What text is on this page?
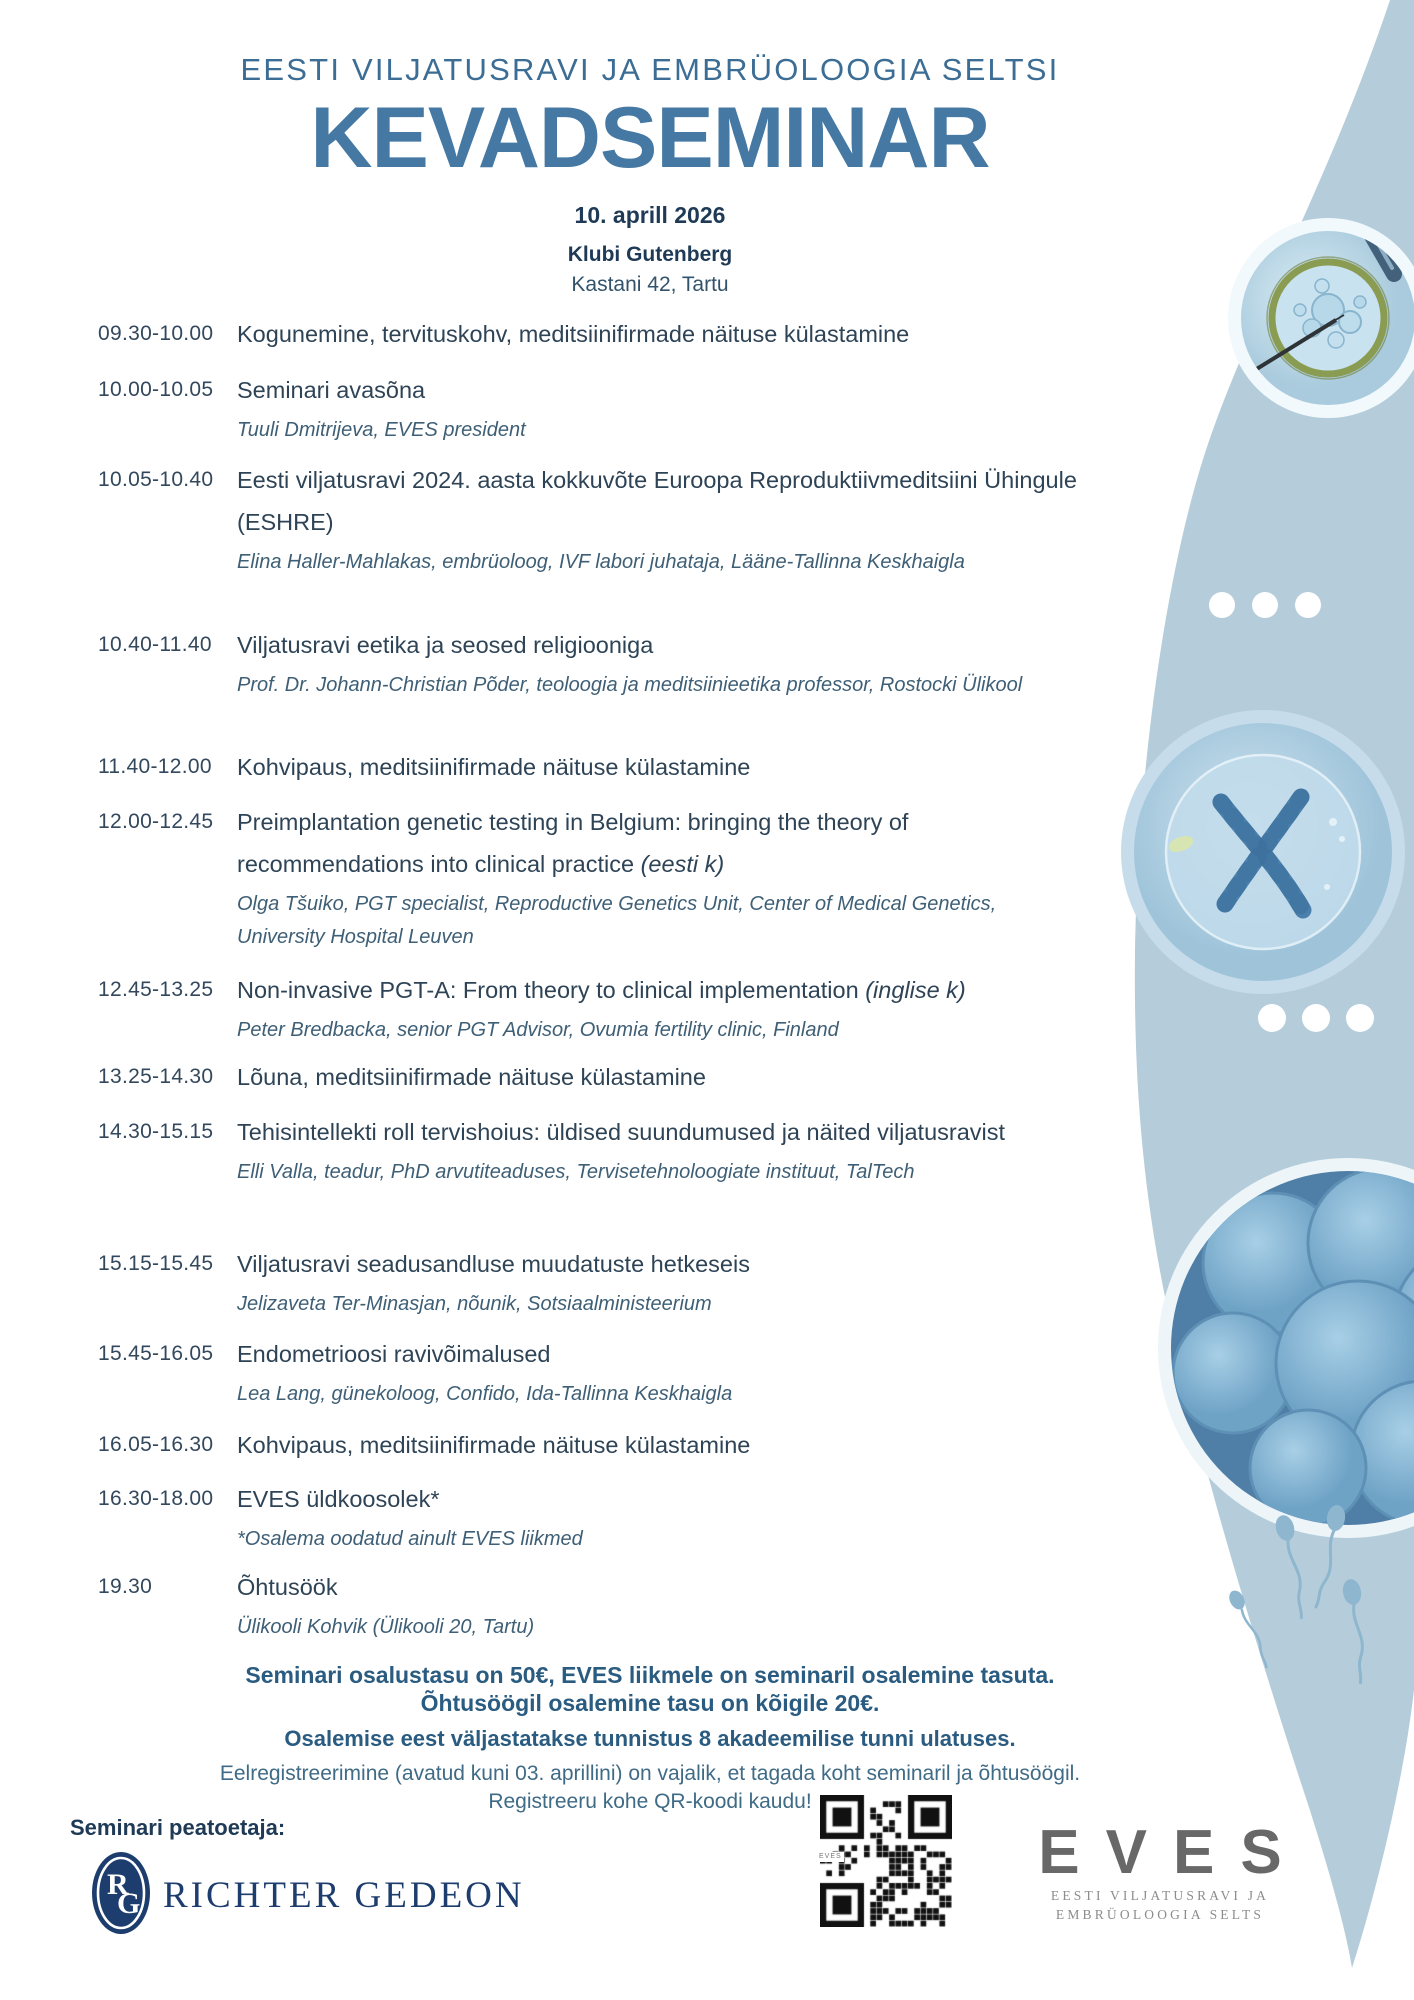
EESTI VILJATUSRAVI JA EMBRÜOLOOGIA SELTSI
KEVADSEMINAR
10. aprill 2026
Klubi Gutenberg
Kastani 42, Tartu
09.30-10.00 Kogunemine, tervituskohv, meditsiinifirmade näituse külastamine
10.00-10.05 Seminari avasõna
Tuuli Dmitrijeva, EVES president
10.05-10.40 Eesti viljatusravi 2024. aasta kokkuvõte Euroopa Reproduktiivmeditsiini Ühingule (ESHRE)
Elina Haller-Mahlakas, embrüoloog, IVF labori juhataja, Lääne-Tallinna Keskhaigla
10.40-11.40 Viljatusravi eetika ja seosed religiooniga
Prof. Dr. Johann-Christian Põder, teoloogia ja meditsiinieetika professor, Rostocki Ülikool
11.40-12.00 Kohvipaus, meditsiinifirmade näituse külastamine
12.00-12.45 Preimplantation genetic testing in Belgium: bringing the theory of recommendations into clinical practice (eesti k)
Olga Tšuiko, PGT specialist, Reproductive Genetics Unit, Center of Medical Genetics, University Hospital Leuven
12.45-13.25 Non-invasive PGT-A: From theory to clinical implementation (inglise k)
Peter Bredbacka, senior PGT Advisor, Ovumia fertility clinic, Finland
13.25-14.30 Lõuna, meditsiinifirmade näituse külastamine
14.30-15.15 Tehisintellekti roll tervishoius: üldised suundumused ja näited viljatusravist
Elli Valla, teadur, PhD arvutiteaduses, Tervisetehnoloogiate instituut, TalTech
15.15-15.45 Viljatusravi seadusandluse muudatuste hetkeseis
Jelizaveta Ter-Minasjan, nõunik, Sotsiaalministeerium
15.45-16.05 Endometrioosi ravivõimalused
Lea Lang, günekoloog, Confido, Ida-Tallinna Keskhaigla
16.05-16.30 Kohvipaus, meditsiinifirmade näituse külastamine
16.30-18.00 EVES üldkoosolek*
*Osalema oodatud ainult EVES liikmed
19.30	Õhtusöök
Ülikooli Kohvik (Ülikooli 20, Tartu)
Seminari osalustasu on 50€, EVES liikmele on seminaril osalemine tasuta.
Õhtusöögil osalemine tasu on kõigile 20€.
Osalemise eest väljastatakse tunnistus 8 akadeemilise tunni ulatuses.
Eelregistreerimine (avatud kuni 03. aprillini) on vajalik, et tagada koht seminaril ja õhtusöögil.
Registreeru kohe QR-koodi kaudu!
Seminari peatoetaja:
R
G RICHTER GEDEON
EVES	EVES
EESTI VILJATUSRAVI JA
EMBRÜOLOOGIA SELTS
